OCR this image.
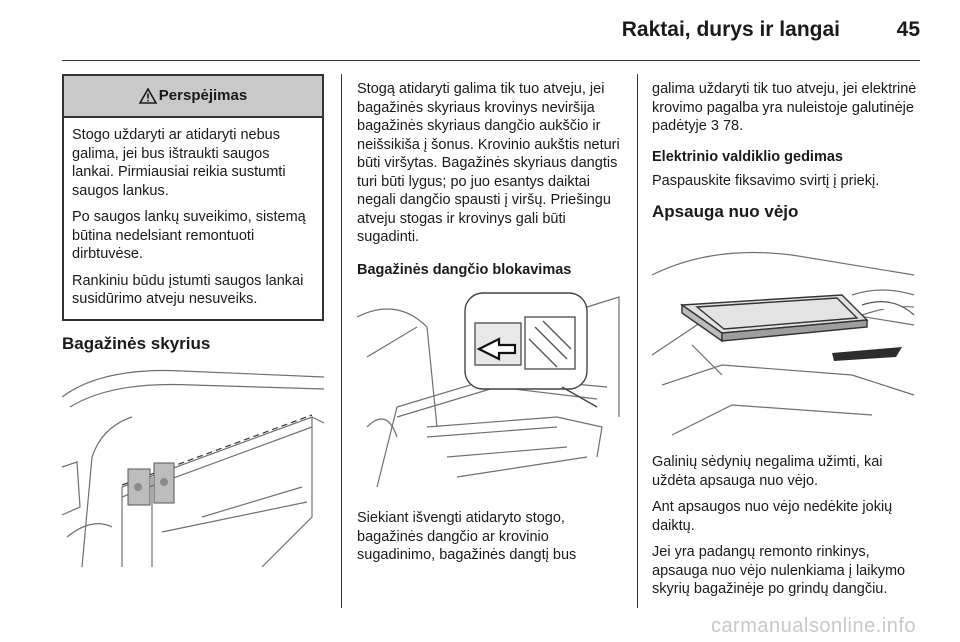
Raktai, durys ir langai	45
Perspėjimas

Stogo uždaryti ar atidaryti nebus galima, jei bus ištraukti saugos lankai. Pirmiausiai reikia sustumti saugos lankus.

Po saugos lankų suveikimo, sistemą būtina nedelsiant remontuoti dirbtuvėse.

Rankiniu būdu įstumti saugos lankai susidūrimo atveju nesuveiks.

Bagažinės skyrius

Stogą atidaryti galima tik tuo atveju, jei bagažinės skyriaus krovinys neviršija bagažinės skyriaus dangčio aukščio ir neišsikiša į šonus. Krovinio aukštis neturi būti viršytas. Bagažinės skyriaus dangtis turi būti lygus; po juo esantys daiktai negali dangčio spausti į viršų. Priešingu atveju stogas ir krovinys gali būti sugadinti.

Bagažinės dangčio blokavimas

Siekiant išvengti atidaryto stogo, bagažinės dangčio ar krovinio sugadinimo, bagažinės dangtį bus

galima uždaryti tik tuo atveju, jei elektrinė krovimo pagalba yra nuleistoje galutinėje padėtyje 3 78.

Elektrinio valdiklio gedimas

Paspauskite fiksavimo svirtį į priekį.

Apsauga nuo vėjo

Galinių sėdynių negalima užimti, kai uždėta apsauga nuo vėjo.

Ant apsaugos nuo vėjo nedėkite jokių daiktų.

Jei yra padangų remonto rinkinys, apsauga nuo vėjo nulenkiama į laikymo skyrių bagažinėje po grindų dangčiu.

carmanualsonline.info
